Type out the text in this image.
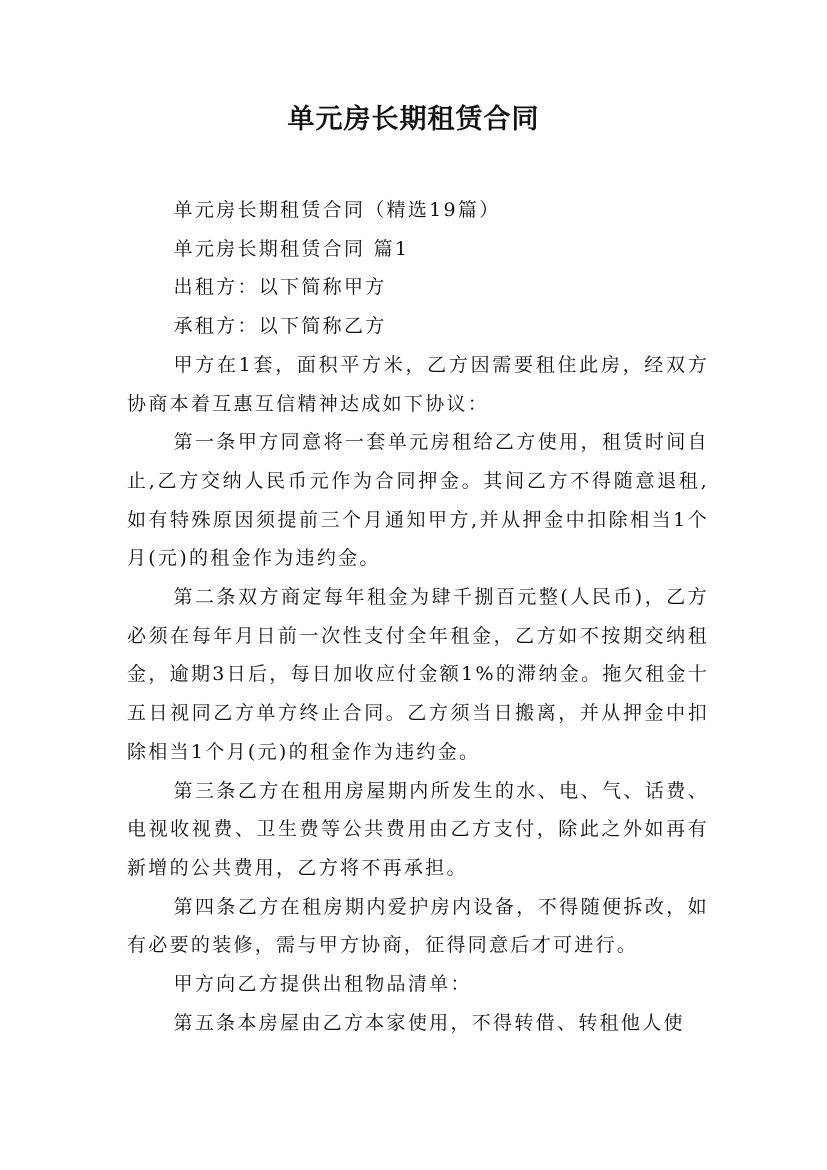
单元房长期租赁合同

单元房长期租赁合同（精选19篇）

单元房长期租赁合同 篇1

出租方：以下简称甲方

承租方：以下简称乙方

甲方在1套，面积平方米，乙方因需要租住此房，经双方协商本着互惠互信精神达成如下协议：

第一条甲方同意将一套单元房租给乙方使用，租赁时间自止,乙方交纳人民币元作为合同押金。其间乙方不得随意退租,如有特殊原因须提前三个月通知甲方,并从押金中扣除相当1个月(元)的租金作为违约金。

第二条双方商定每年租金为肆千捌百元整(人民币)，乙方必须在每年月日前一次性支付全年租金，乙方如不按期交纳租金，逾期3日后，每日加收应付金额1%的滞纳金。拖欠租金十五日视同乙方单方终止合同。乙方须当日搬离，并从押金中扣除相当1个月(元)的租金作为违约金。

第三条乙方在租用房屋期内所发生的水、电、气、话费、电视收视费、卫生费等公共费用由乙方支付，除此之外如再有新增的公共费用，乙方将不再承担。

第四条乙方在租房期内爱护房内设备，不得随便拆改，如有必要的装修，需与甲方协商，征得同意后才可进行。

甲方向乙方提供出租物品清单：

第五条本房屋由乙方本家使用，不得转借、转租他人使
